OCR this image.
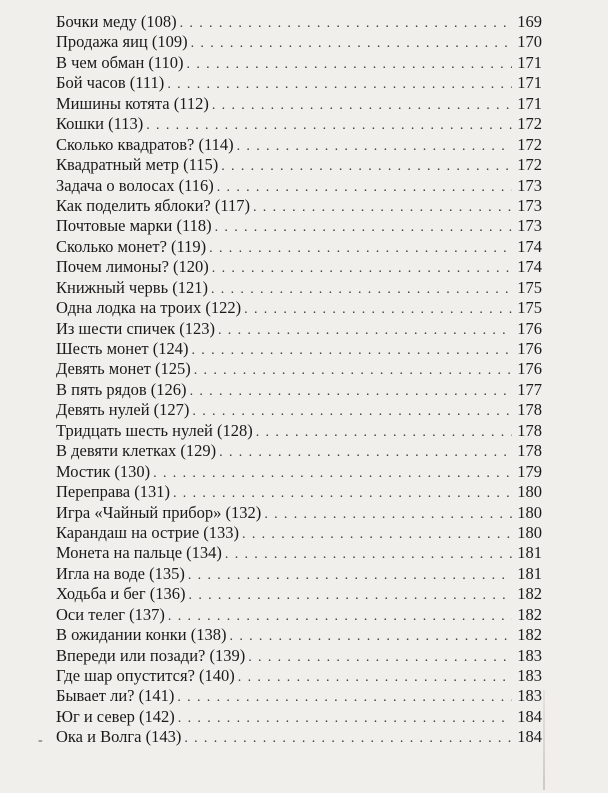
Бочки меду (108) . . .	169
Продажа яиц (109) . . .	170
В чем обман (110) . . .	171
Бой часов (111) . . .	171
Мишины котята (112) . . .	171
Кошки (113) . . .	172
Сколько квадратов? (114) . . .	172
Квадратный метр (115) . . .	172
Задача о волосах (116) . . .	173
Как поделить яблоки? (117) . . .	173
Почтовые марки (118) . . .	173
Сколько монет? (119) . . .	174
Почем лимоны? (120) . . .	174
Книжный червь (121) . . .	175
Одна лодка на троих (122) . . .	175
Из шести спичек (123) . . .	176
Шесть монет (124) . . .	176
Девять монет (125) . . .	176
В пять рядов (126) . . .	177
Девять нулей (127) . . .	178
Тридцать шесть нулей (128) . . .	178
В девяти клетках (129) . . .	178
Мостик (130) . . .	179
Переправа (131) . . .	180
Игра «Чайный прибор» (132) . . .	180
Карандаш на острие (133) . . .	180
Монета на пальце (134) . . .	181
Игла на воде (135) . . .	181
Ходьба и бег (136) . . .	182
Оси телег (137) . . .	182
В ожидании конки (138) . . .	182
Впереди или позади? (139) . . .	183
Где шар опустится? (140) . . .	183
Бывает ли? (141) . . .	183
Юг и север (142) . . .	184
Ока и Волга (143) . . .	184
‐
